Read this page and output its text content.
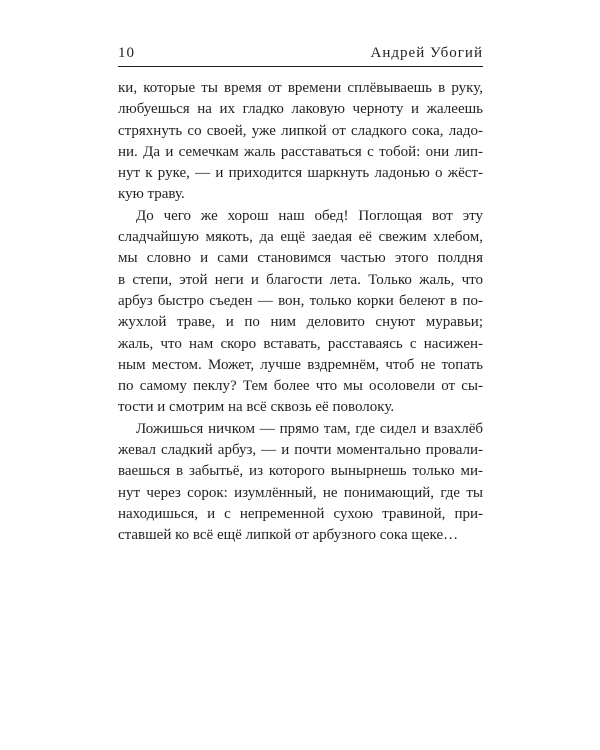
10	Андрей Убогий
ки, которые ты время от времени сплёвываешь в руку,
любуешься на их гладко лаковую черноту и жалеешь
стряхнуть со своей, уже липкой от сладкого сока, ладо-
ни. Да и семечкам жаль расставаться с тобой: они лип-
нут к руке, — и приходится шаркнуть ладонью о жёст-
кую траву.
До чего же хорош наш обед! Поглощая вот эту
сладчайшую мякоть, да ещё заедая её свежим хлебом,
мы словно и сами становимся частью этого полдня
в степи, этой неги и благости лета. Только жаль, что
арбуз быстро съеден — вон, только корки белеют в по-
жухлой траве, и по ним деловито снуют муравьи;
жаль, что нам скоро вставать, расставаясь с насижен-
ным местом. Может, лучше вздремнём, чтоб не топать
по самому пеклу? Тем более что мы осоловели от сы-
тости и смотрим на всё сквозь её поволоку.
Ложишься ничком — прямо там, где сидел и взахлёб
жевал сладкий арбуз, — и почти моментально провали-
ваешься в забытьё, из которого вынырнешь только ми-
нут через сорок: изумлённый, не понимающий, где ты
находишься, и с непременной сухою травиной, при-
ставшей ко всё ещё липкой от арбузного сока щеке…
